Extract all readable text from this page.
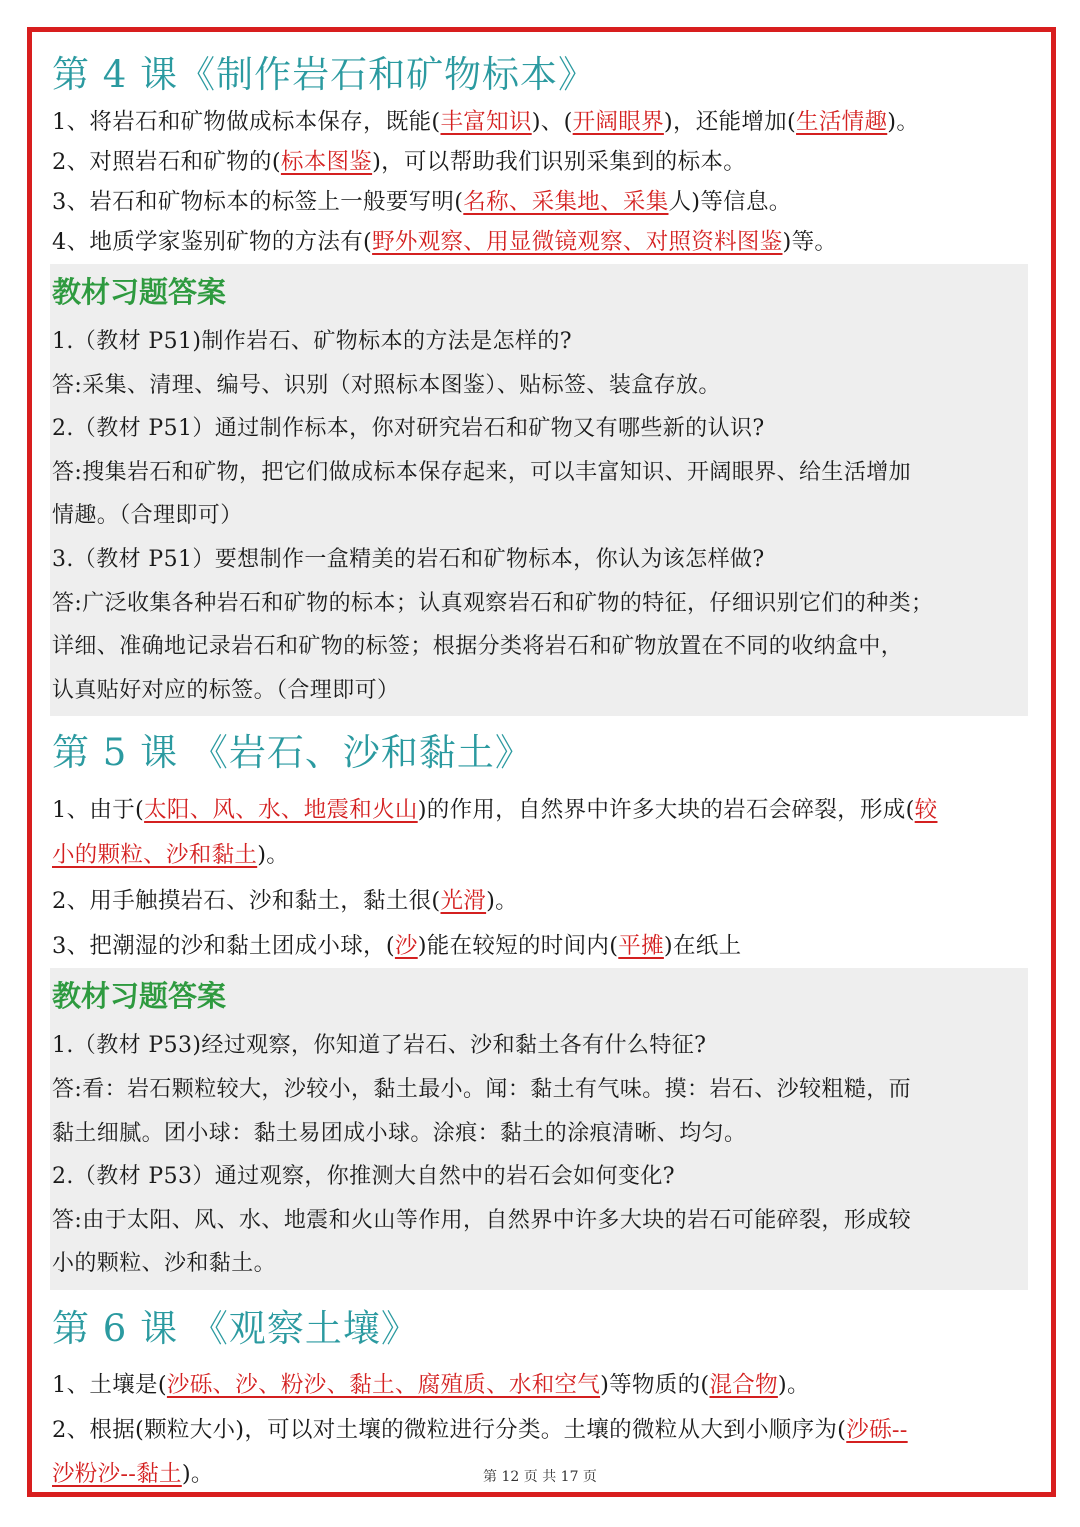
第 4 课《制作岩石和矿物标本》
1、将岩石和矿物做成标本保存，既能(丰富知识)、(开阔眼界)，还能增加(生活情趣)。
2、对照岩石和矿物的(标本图鉴)，可以帮助我们识别采集到的标本。
3、岩石和矿物标本的标签上一般要写明(名称、采集地、采集人)等信息。
4、地质学家鉴别矿物的方法有(野外观察、用显微镜观察、对照资料图鉴)等。
教材习题答案
1.（教材 P51)制作岩石、矿物标本的方法是怎样的?
答:采集、清理、编号、识别（对照标本图鉴）、贴标签、装盒存放。
2.（教材 P51）通过制作标本，你对研究岩石和矿物又有哪些新的认识?
答:搜集岩石和矿物，把它们做成标本保存起来，可以丰富知识、开阔眼界、给生活增加
情趣。（合理即可）
3.（教材 P51）要想制作一盒精美的岩石和矿物标本，你认为该怎样做?
答:广泛收集各种岩石和矿物的标本；认真观察岩石和矿物的特征，仔细识别它们的种类；
详细、准确地记录岩石和矿物的标签；根据分类将岩石和矿物放置在不同的收纳盒中，
认真贴好对应的标签。（合理即可）
第 5 课 《岩石、沙和黏土》
1、由于(太阳、风、水、地震和火山)的作用，自然界中许多大块的岩石会碎裂，形成(较
小的颗粒、沙和黏土)。
2、用手触摸岩石、沙和黏土，黏土很(光滑)。
3、把潮湿的沙和黏土团成小球，(沙)能在较短的时间内(平摊)在纸上
教材习题答案
1.（教材 P53)经过观察，你知道了岩石、沙和黏土各有什么特征?
答:看：岩石颗粒较大，沙较小，黏土最小。闻：黏土有气味。摸：岩石、沙较粗糙，而
黏土细腻。团小球：黏土易团成小球。涂痕：黏土的涂痕清晰、均匀。
2.（教材 P53）通过观察，你推测大自然中的岩石会如何变化?
答:由于太阳、风、水、地震和火山等作用，自然界中许多大块的岩石可能碎裂，形成较
小的颗粒、沙和黏土。
第 6 课 《观察土壤》
1、土壤是(沙砾、沙、粉沙、黏土、腐殖质、水和空气)等物质的(混合物)。
2、根据(颗粒大小)，可以对土壤的微粒进行分类。土壤的微粒从大到小顺序为(沙砾--
沙粉沙--黏土)。	第 12 页 共 17 页
